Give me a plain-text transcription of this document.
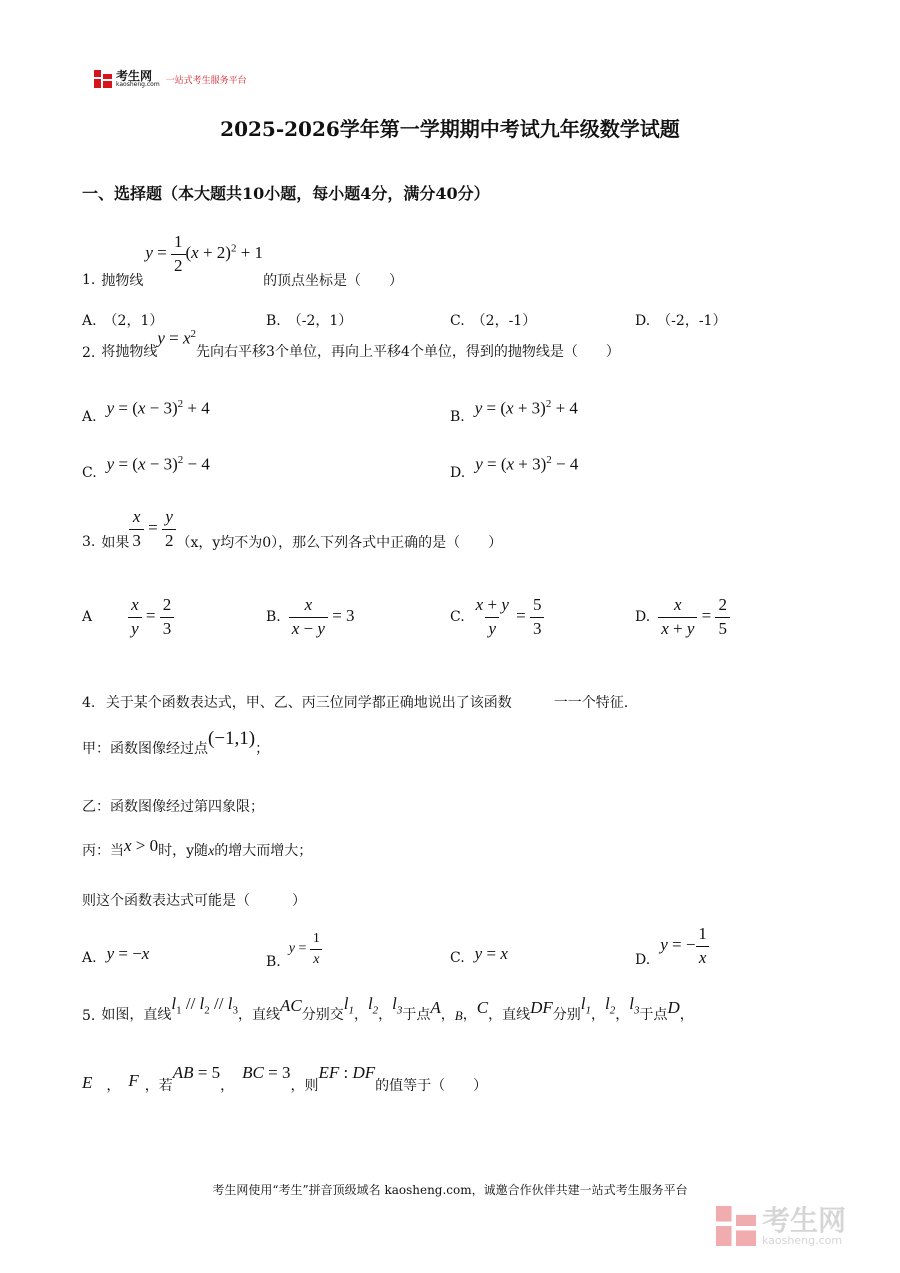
考生网
kaosheng.com 一站式考生服务平台
2025-2026学年第一学期期中考试九年级数学试题
一、选择题（本大题共10小题，每小题4分，满分40分）
1. 抛物线
$y = \frac{1}{2} (x + 2)^2 + 1$
的顶点坐标是（　　）
A.　（2，1）	B.　（-2，1）	C.　（2，-1）	D.　（-2，-1）
2. 将抛物线
$y = x^2$
先向右平移3个单位，再向上平移4个单位，得到的抛物线是（　　）
A. $y = (x - 3)^2 + 4$	B. $y = (x + 3)^2 + 4$
C. $y = (x - 3)^2 - 4$	D. $y = (x + 3)^2 - 4$
3. 如果 $\frac{x}{3} = \frac{y}{2} (x$，y均不为0），那么下列各式中正确的是（　　）
A $\frac{x}{y} = \frac{2}{3}$	B. $\frac{x}{x - y} = 3$	C. $\frac{x + y}{y} = \frac{5}{3}$	D. $\frac{x}{x + y} = \frac{2}{5}$
4. 关于某个函数表达式，甲、乙、丙三位同学都正确地说出了该函数　　　一一个特征.
甲：函数图像经过点 (−1,1) ；
乙：函数图像经过第四象限；
丙：当 x > 0 时，y随 x 的增大而增大；
则这个函数表达式可能是（　　　）
A. y = −x	B.
$y = \frac{1}{x}$	C. y = x	D.
y = − $\frac{1}{x}$
5. 如图，直线
$l_1 // l_2 // l_3$ ，直线 AC 分别交
$l_1$ ，
$l_2$ ，
$l_3$ 于点 A ， B ， C ，直线 DF 分别
$l_1$ ，
$l_2$ ，
$l_3$ 于点 D ，
E ， F ，若
AB = 5
，
BC = 3
，则
EF : DF
的值等于（　　）
考生网使用“考生”拼音顶级域名 kaosheng.com，诚邀合作伙伴共建一站式考生服务平台
考生网
kaosheng.com
